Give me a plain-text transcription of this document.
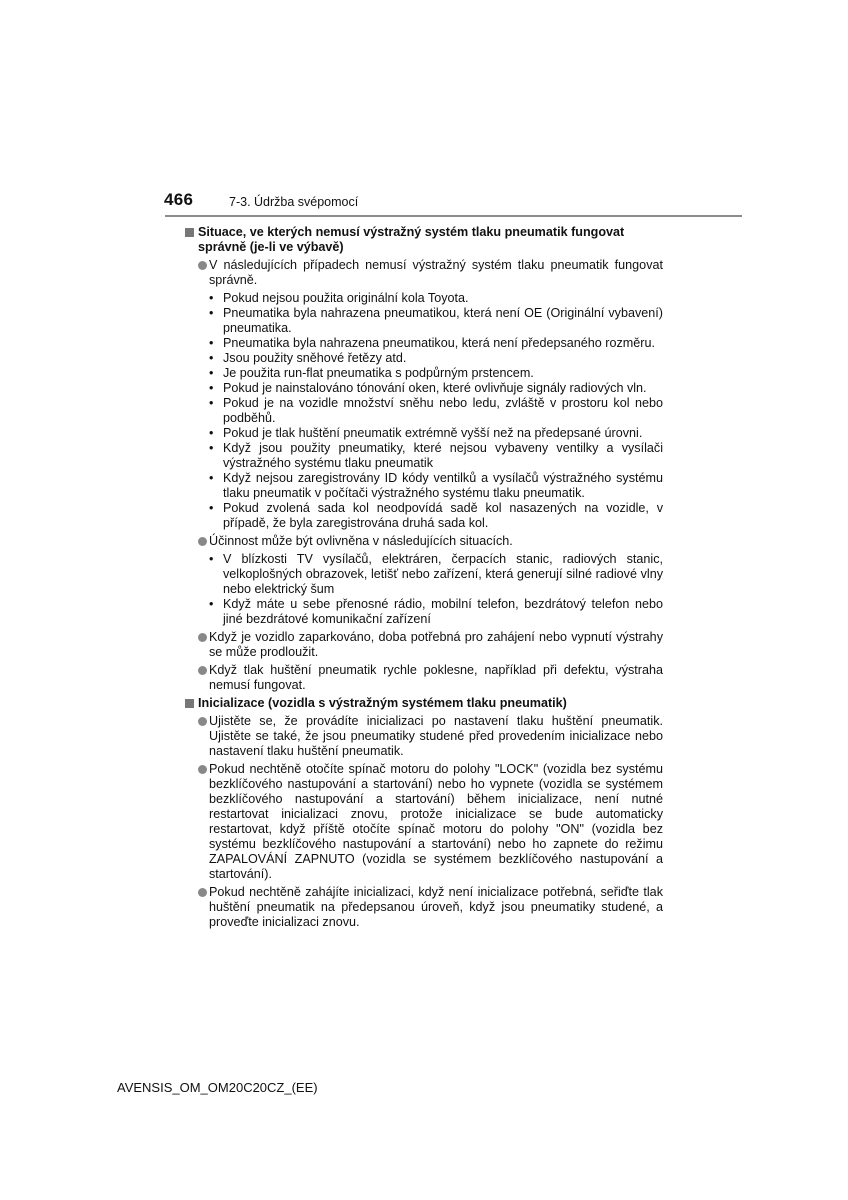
466	7-3. Údržba svépomocí
Situace, ve kterých nemusí výstražný systém tlaku pneumatik fungovat správně (je-li ve výbavě)
V následujících případech nemusí výstražný systém tlaku pneumatik fungovat správně.
• Pokud nejsou použita originální kola Toyota.
• Pneumatika byla nahrazena pneumatikou, která není OE (Originální vybavení) pneumatika.
• Pneumatika byla nahrazena pneumatikou, která není předepsaného rozměru.
• Jsou použity sněhové řetězy atd.
• Je použita run-flat pneumatika s podpůrným prstencem.
• Pokud je nainstalováno tónování oken, které ovlivňuje signály radiových vln.
• Pokud je na vozidle množství sněhu nebo ledu, zvláště v prostoru kol nebo podběhů.
• Pokud je tlak huštění pneumatik extrémně vyšší než na předepsané úrovni.
• Když jsou použity pneumatiky, které nejsou vybaveny ventilky a vysílači výstražného systému tlaku pneumatik
• Když nejsou zaregistrovány ID kódy ventilků a vysílačů výstražného systému tlaku pneumatik v počítači výstražného systému tlaku pneumatik.
• Pokud zvolená sada kol neodpovídá sadě kol nasazených na vozidle, v případě, že byla zaregistrována druhá sada kol.
Účinnost může být ovlivněna v následujících situacích.
• V blízkosti TV vysílačů, elektráren, čerpacích stanic, radiových stanic, velkoplošných obrazovek, letišť nebo zařízení, která generují silné radiové vlny nebo elektrický šum
• Když máte u sebe přenosné rádio, mobilní telefon, bezdrátový telefon nebo jiné bezdrátové komunikační zařízení
Když je vozidlo zaparkováno, doba potřebná pro zahájení nebo vypnutí výstrahy se může prodloužit.
Když tlak huštění pneumatik rychle poklesne, například při defektu, výstraha nemusí fungovat.
Inicializace (vozidla s výstražným systémem tlaku pneumatik)
Ujistěte se, že provádíte inicializaci po nastavení tlaku huštění pneumatik. Ujistěte se také, že jsou pneumatiky studené před provedením inicializace nebo nastavení tlaku huštění pneumatik.
Pokud nechtěně otočíte spínač motoru do polohy "LOCK" (vozidla bez systému bezklíčového nastupování a startování) nebo ho vypnete (vozidla se systémem bezklíčového nastupování a startování) během inicializace, není nutné restartovat inicializaci znovu, protože inicializace se bude automaticky restartovat, když příště otočíte spínač motoru do polohy "ON" (vozidla bez systému bezklíčového nastupování a startování) nebo ho zapnete do režimu ZAPALOVÁNÍ ZAPNUTO (vozidla se systémem bezklíčového nastupování a startování).
Pokud nechtěně zahájíte inicializaci, když není inicializace potřebná, seřiďte tlak huštění pneumatik na předepsanou úroveň, když jsou pneumatiky studené, a proveďte inicializaci znovu.
AVENSIS_OM_OM20C20CZ_(EE)
